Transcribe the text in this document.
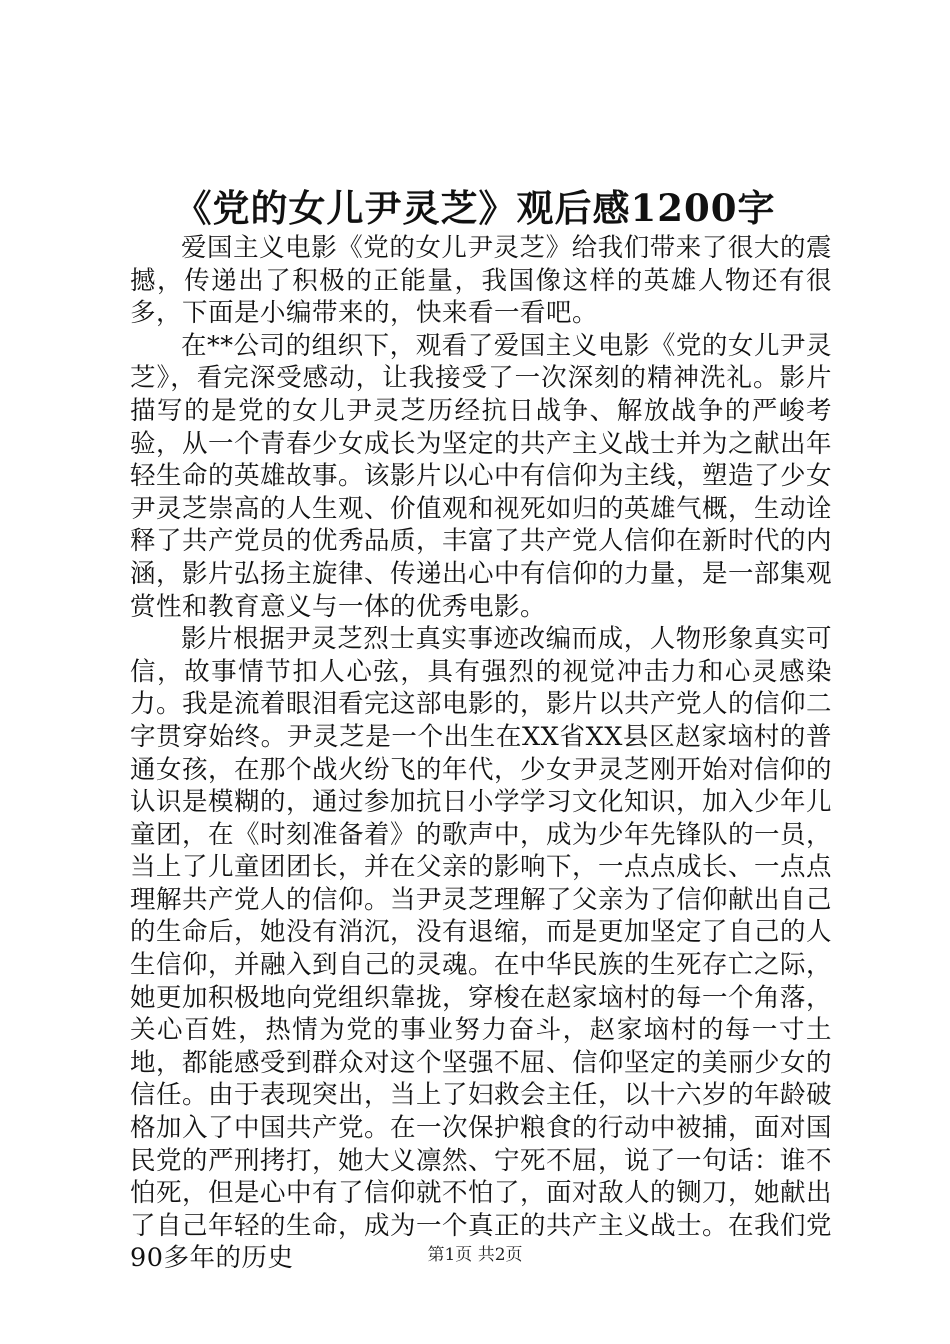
《党的女儿尹灵芝》观后感1200字

爱国主义电影《党的女儿尹灵芝》给我们带来了很大的震撼，传递出了积极的正能量，我国像这样的英雄人物还有很多，下面是小编带来的，快来看一看吧。

在**公司的组织下，观看了爱国主义电影《党的女儿尹灵芝》，看完深受感动，让我接受了一次深刻的精神洗礼。影片描写的是党的女儿尹灵芝历经抗日战争、解放战争的严峻考验，从一个青春少女成长为坚定的共产主义战士并为之献出年轻生命的英雄故事。该影片以心中有信仰为主线，塑造了少女尹灵芝崇高的人生观、价值观和视死如归的英雄气概，生动诠释了共产党员的优秀品质，丰富了共产党人信仰在新时代的内涵，影片弘扬主旋律、传递出心中有信仰的力量，是一部集观赏性和教育意义与一体的优秀电影。

影片根据尹灵芝烈士真实事迹改编而成，人物形象真实可信，故事情节扣人心弦，具有强烈的视觉冲击力和心灵感染力。我是流着眼泪看完这部电影的，影片以共产党人的信仰二字贯穿始终。尹灵芝是一个出生在XX省XX县区赵家垴村的普通女孩，在那个战火纷飞的年代，少女尹灵芝刚开始对信仰的认识是模糊的，通过参加抗日小学学习文化知识，加入少年儿童团，在《时刻准备着》的歌声中，成为少年先锋队的一员，当上了儿童团团长，并在父亲的影响下，一点点成长、一点点理解共产党人的信仰。当尹灵芝理解了父亲为了信仰献出自己的生命后，她没有消沉，没有退缩，而是更加坚定了自己的人生信仰，并融入到自己的灵魂。在中华民族的生死存亡之际，她更加积极地向党组织靠拢，穿梭在赵家垴村的每一个角落，关心百姓，热情为党的事业努力奋斗，赵家垴村的每一寸土地，都能感受到群众对这个坚强不屈、信仰坚定的美丽少女的信任。由于表现突出，当上了妇救会主任，以十六岁的年龄破格加入了中国共产党。在一次保护粮食的行动中被捕，面对国民党的严刑拷打，她大义凛然、宁死不屈，说了一句话：谁不怕死，但是心中有了信仰就不怕了，面对敌人的铡刀，她献出了自己年轻的生命，成为一个真正的共产主义战士。在我们党90多年的历史	第1页 共2页
